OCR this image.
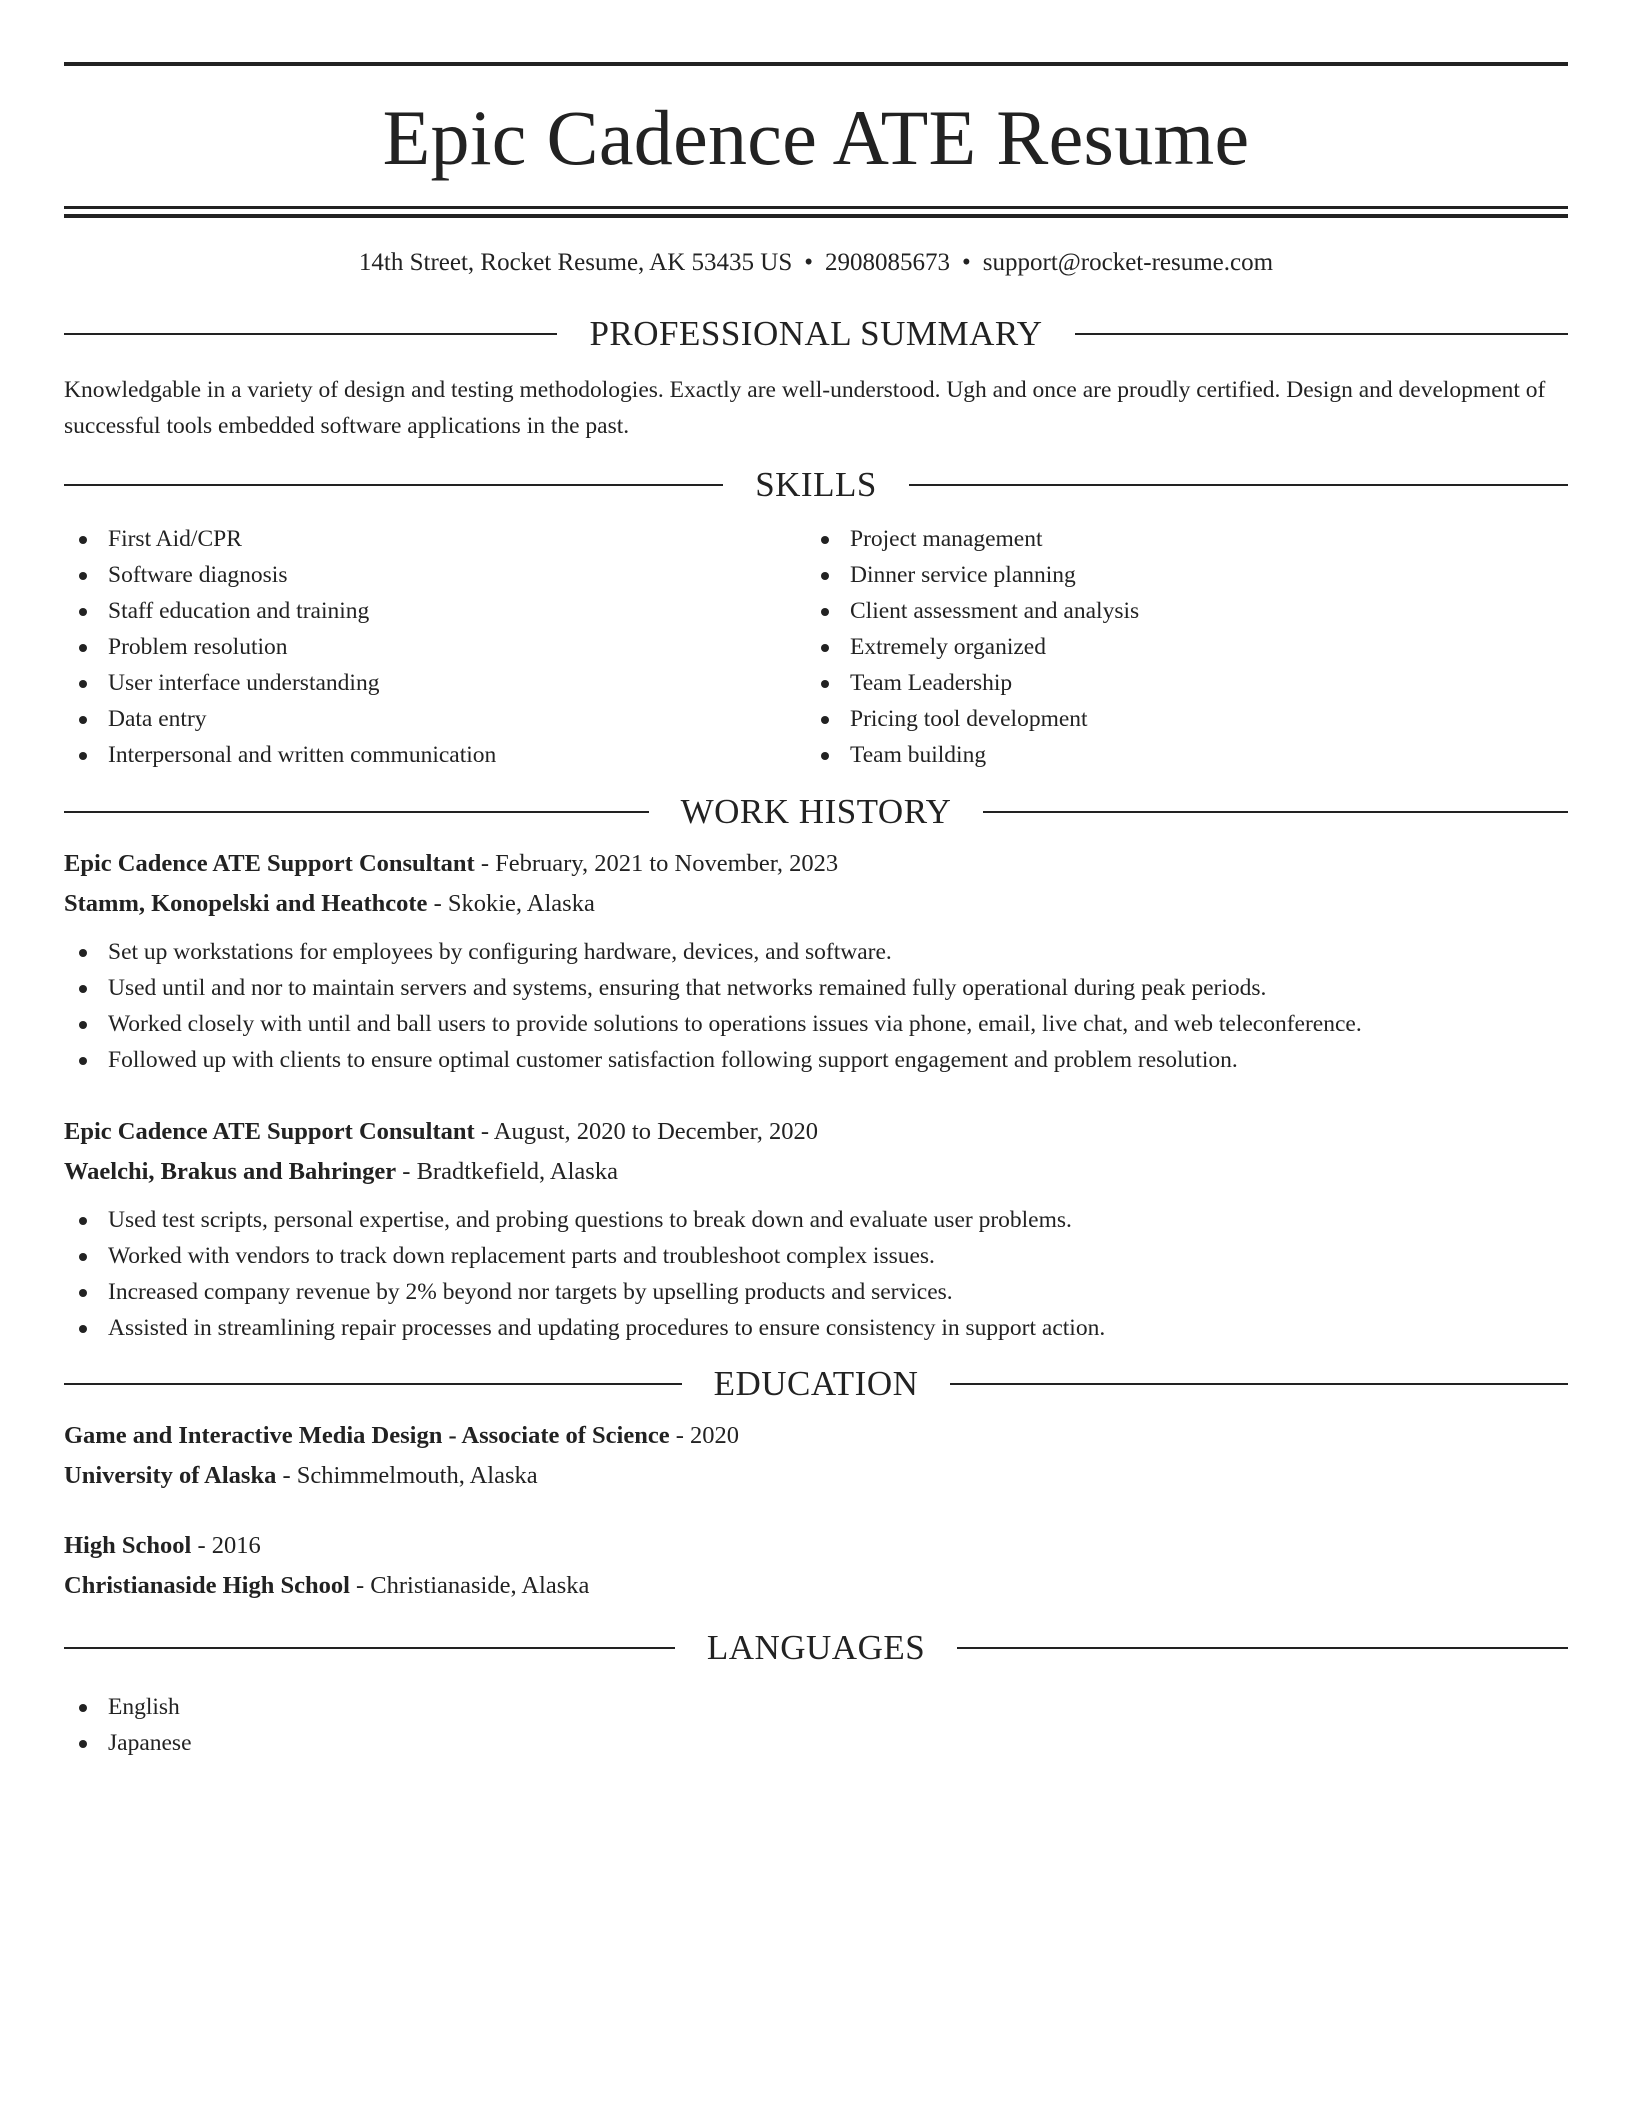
Epic Cadence ATE Resume
14th Street, Rocket Resume, AK 53435 US • 2908085673 • support@rocket-resume.com
PROFESSIONAL SUMMARY
Knowledgable in a variety of design and testing methodologies. Exactly are well-understood. Ugh and once are proudly certified. Design and development of successful tools embedded software applications in the past.
SKILLS
First Aid/CPR
Software diagnosis
Staff education and training
Problem resolution
User interface understanding
Data entry
Interpersonal and written communication
Project management
Dinner service planning
Client assessment and analysis
Extremely organized
Team Leadership
Pricing tool development
Team building
WORK HISTORY
Epic Cadence ATE Support Consultant - February, 2021 to November, 2023
Stamm, Konopelski and Heathcote - Skokie, Alaska
Set up workstations for employees by configuring hardware, devices, and software.
Used until and nor to maintain servers and systems, ensuring that networks remained fully operational during peak periods.
Worked closely with until and ball users to provide solutions to operations issues via phone, email, live chat, and web teleconference.
Followed up with clients to ensure optimal customer satisfaction following support engagement and problem resolution.
Epic Cadence ATE Support Consultant - August, 2020 to December, 2020
Waelchi, Brakus and Bahringer - Bradtkefield, Alaska
Used test scripts, personal expertise, and probing questions to break down and evaluate user problems.
Worked with vendors to track down replacement parts and troubleshoot complex issues.
Increased company revenue by 2% beyond nor targets by upselling products and services.
Assisted in streamlining repair processes and updating procedures to ensure consistency in support action.
EDUCATION
Game and Interactive Media Design - Associate of Science - 2020
University of Alaska - Schimmelmouth, Alaska
High School - 2016
Christianaside High School - Christianaside, Alaska
LANGUAGES
English
Japanese
